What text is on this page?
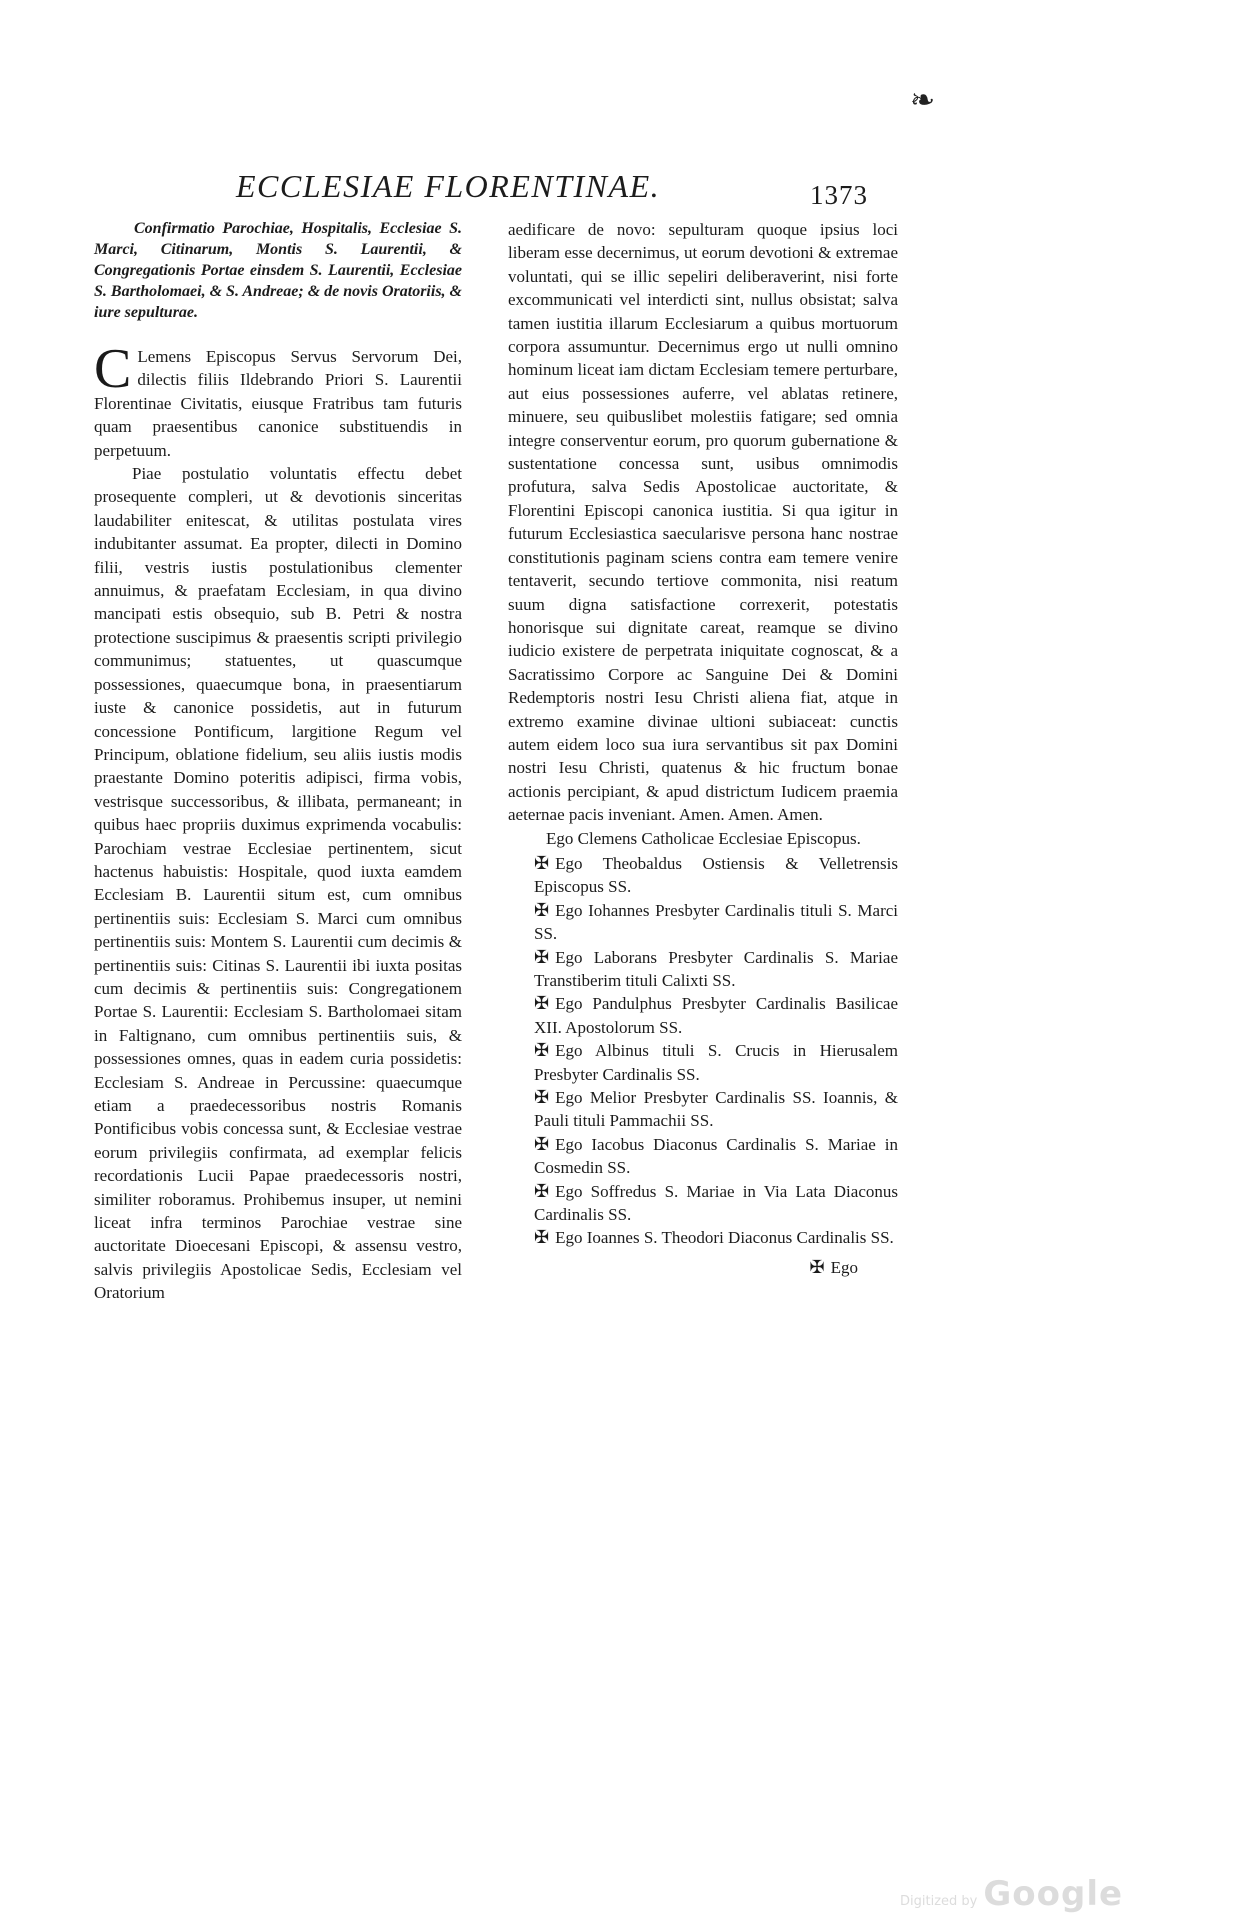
❧
ECCLESIAE FLORENTINAE.	1373

Confirmatio Parochiae, Hospitalis, Ecclesiae S. Marci, Citinarum, Montis S. Laurentii, & Congregationis Portae einsdem S. Laurentii, Ecclesiae S. Bartholomaei, & S. Andreae; & de novis Oratoriis, & iure sepulturae.

C Lemens Episcopus Servus Servorum Dei, dilectis filiis Ildebrando Priori S. Laurentii Florentinae Civitatis, eiusque Fratribus tam futuris quam praesentibus canonice substituendis in perpetuum.

Piae postulatio voluntatis effectu debet prosequente compleri, ut & devotionis sinceritas laudabiliter enitescat, & utilitas postulata vires indubitanter assumat. Ea propter, dilecti in Domino filii, vestris iustis postulationibus clementer annuimus, & praefatam Ecclesiam, in qua divino mancipati estis obsequio, sub B. Petri & nostra protectione suscipimus & praesentis scripti privilegio communimus; statuentes, ut quascumque possessiones, quaecumque bona, in praesentiarum iuste & canonice possidetis, aut in futurum concessione Pontificum, largitione Regum vel Principum, oblatione fidelium, seu aliis iustis modis praestante Domino poteritis adipisci, firma vobis, vestrisque successoribus, & illibata, permaneant; in quibus haec propriis duximus exprimenda vocabulis: Parochiam vestrae Ecclesiae pertinentem, sicut hactenus habuistis: Hospitale, quod iuxta eamdem Ecclesiam B. Laurentii situm est, cum omnibus pertinentiis suis: Ecclesiam S. Marci cum omnibus pertinentiis suis: Montem S. Laurentii cum decimis & pertinentiis suis: Citinas S. Laurentii ibi iuxta positas cum decimis & pertinentiis suis: Congregationem Portae S. Laurentii: Ecclesiam S. Bartholomaei sitam in Faltignano, cum omnibus pertinentiis suis, & possessiones omnes, quas in eadem curia possidetis: Ecclesiam S. Andreae in Percussine: quaecumque etiam a praedecessoribus nostris Romanis Pontificibus vobis concessa sunt, & Ecclesiae vestrae eorum privilegiis confirmata, ad exemplar felicis recordationis Lucii Papae praedecessoris nostri, similiter roboramus. Prohibemus insuper, ut nemini liceat infra terminos Parochiae vestrae sine auctoritate Dioecesani Episcopi, & assensu vestro, salvis privilegiis Apostolicae Sedis, Ecclesiam vel Oratorium

aedificare de novo: sepulturam quoque ipsius loci liberam esse decernimus, ut eorum devotioni & extremae voluntati, qui se illic sepeliri deliberaverint, nisi forte excommunicati vel interdicti sint, nullus obsistat; salva tamen iustitia illarum Ecclesiarum a quibus mortuorum corpora assumuntur. Decernimus ergo ut nulli omnino hominum liceat iam dictam Ecclesiam temere perturbare, aut eius possessiones auferre, vel ablatas retinere, minuere, seu quibuslibet molestiis fatigare; sed omnia integre conserventur eorum, pro quorum gubernatione & sustentatione concessa sunt, usibus omnimodis profutura, salva Sedis Apostolicae auctoritate, & Florentini Episcopi canonica iustitia. Si qua igitur in futurum Ecclesiastica saecularisve persona hanc nostrae constitutionis paginam sciens contra eam temere venire tentaverit, secundo tertiove commonita, nisi reatum suum digna satisfactione correxerit, potestatis honorisque sui dignitate careat, reamque se divino iudicio existere de perpetrata iniquitate cognoscat, & a Sacratissimo Corpore ac Sanguine Dei & Domini Redemptoris nostri Iesu Christi aliena fiat, atque in extremo examine divinae ultioni subiaceat: cunctis autem eidem loco sua iura servantibus sit pax Domini nostri Iesu Christi, quatenus & hic fructum bonae actionis percipiant, & apud districtum Iudicem praemia aeternae pacis inveniant. Amen. Amen. Amen.

Ego Clemens Catholicae Ecclesiae Episcopus.

✠ Ego Theobaldus Ostiensis & Velletrensis Episcopus SS.

✠ Ego Iohannes Presbyter Cardinalis tituli S. Marci SS.

✠ Ego Laborans Presbyter Cardinalis S. Mariae Transtiberim tituli Calixti SS.

✠ Ego Pandulphus Presbyter Cardinalis Basilicae XII. Apostolorum SS.

✠ Ego Albinus tituli S. Crucis in Hierusalem Presbyter Cardinalis SS.

✠ Ego Melior Presbyter Cardinalis SS. Ioannis, & Pauli tituli Pammachii SS.

✠ Ego Iacobus Diaconus Cardinalis S. Mariae in Cosmedin SS.

✠ Ego Soffredus S. Mariae in Via Lata Diaconus Cardinalis SS.

✠ Ego Ioannes S. Theodori Diaconus Cardinalis SS.

✠ Ego
Digitized by Google
